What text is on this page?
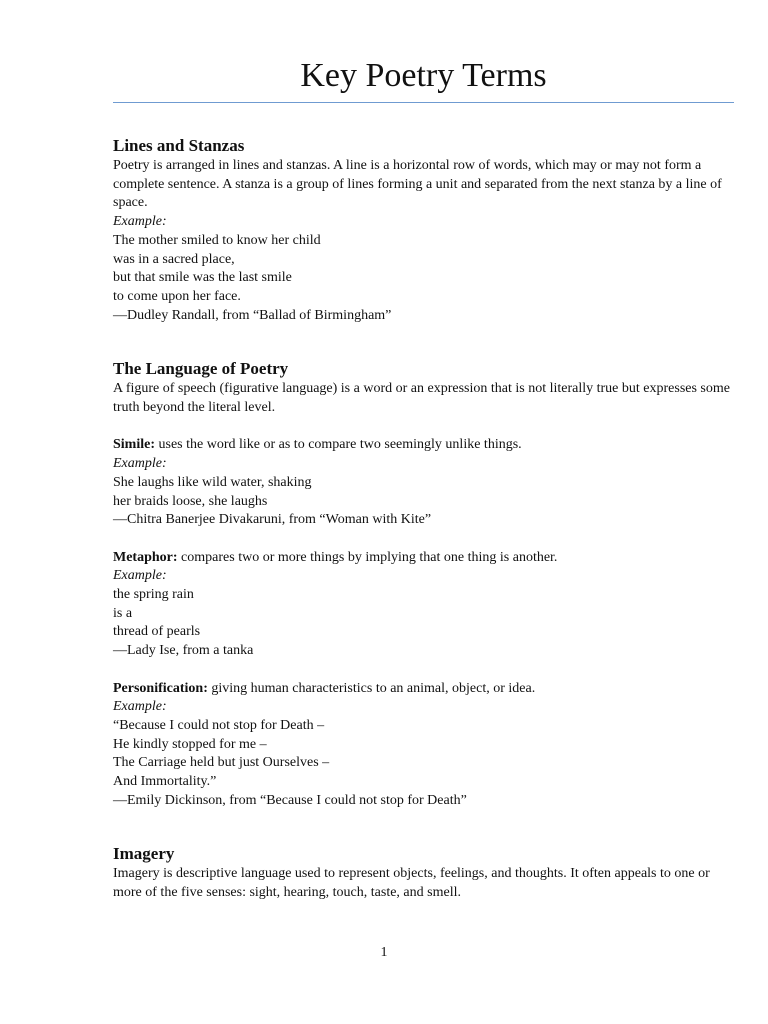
Key Poetry Terms
Lines and Stanzas

Poetry is arranged in lines and stanzas. A line is a horizontal row of words, which may or may not form a complete sentence. A stanza is a group of lines forming a unit and separated from the next stanza by a line of space.

Example:
The mother smiled to know her child
was in a sacred place,
but that smile was the last smile
to come upon her face.
—Dudley Randall, from “Ballad of Birmingham”
The Language of Poetry

A figure of speech (figurative language) is a word or an expression that is not literally true but expresses some truth beyond the literal level.

Simile: uses the word like or as to compare two seemingly unlike things.

Example:
She laughs like wild water, shaking
her braids loose, she laughs
—Chitra Banerjee Divakaruni, from “Woman with Kite”

Metaphor: compares two or more things by implying that one thing is another.

Example:
the spring rain
is a
thread of pearls
—Lady Ise, from a tanka

Personification: giving human characteristics to an animal, object, or idea.

Example:
“Because I could not stop for Death –
He kindly stopped for me –
The Carriage held but just Ourselves –
And Immortality.”
—Emily Dickinson, from “Because I could not stop for Death”
Imagery

Imagery is descriptive language used to represent objects, feelings, and thoughts. It often appeals to one or more of the five senses: sight, hearing, touch, taste, and smell.

1
